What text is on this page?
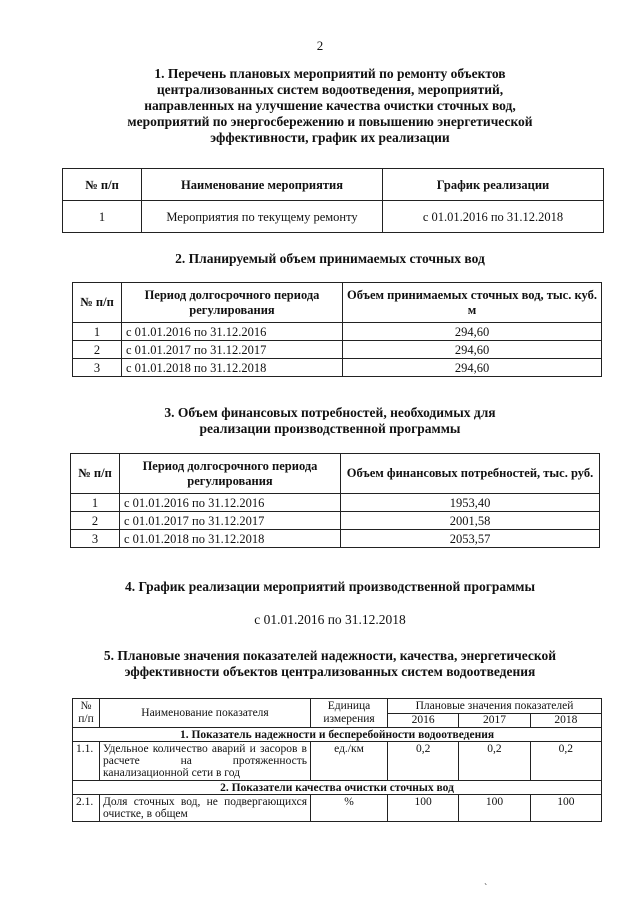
2
1. Перечень плановых мероприятий по ремонту объектов
централизованных систем водоотведения, мероприятий,
направленных на улучшение качества очистки сточных вод,
мероприятий по энергосбережению и повышению энергетической
эффективности, график их реализации
№ п/п	Наименование мероприятия	График реализации
1	Мероприятия по текущему ремонту	с 01.01.2016 по 31.12.2018
2. Планируемый объем принимаемых сточных вод
№ п/п	Период долгосрочного периода регулирования	Объем принимаемых сточных вод, тыс. куб. м
1	с 01.01.2016 по 31.12.2016	294,60
2	с 01.01.2017 по 31.12.2017	294,60
3	с 01.01.2018 по 31.12.2018	294,60
3. Объем финансовых потребностей, необходимых для
реализации производственной программы
№ п/п	Период долгосрочного периода регулирования	Объем финансовых потребностей, тыс. руб.
1	с 01.01.2016 по 31.12.2016	1953,40
2	с 01.01.2017 по 31.12.2017	2001,58
3	с 01.01.2018 по 31.12.2018	2053,57
4. График реализации мероприятий производственной программы
с 01.01.2016 по 31.12.2018
5. Плановые значения показателей надежности, качества, энергетической
эффективности объектов централизованных систем водоотведения
№ п/п	Наименование показателя	Единица измерения	Плановые значения показателей		
			2016	2017	2018
1. Показатель надежности и бесперебойности водоотведения					
1.1.	Удельное количество аварий и засоров в расчете на протяженность канализационной сети в год	ед./км	0,2	0,2	0,2
2. Показатели качества очистки сточных вод					
2.1.	Доля сточных вод, не подвергающихся очистке, в общем	%	100	100	100
`
